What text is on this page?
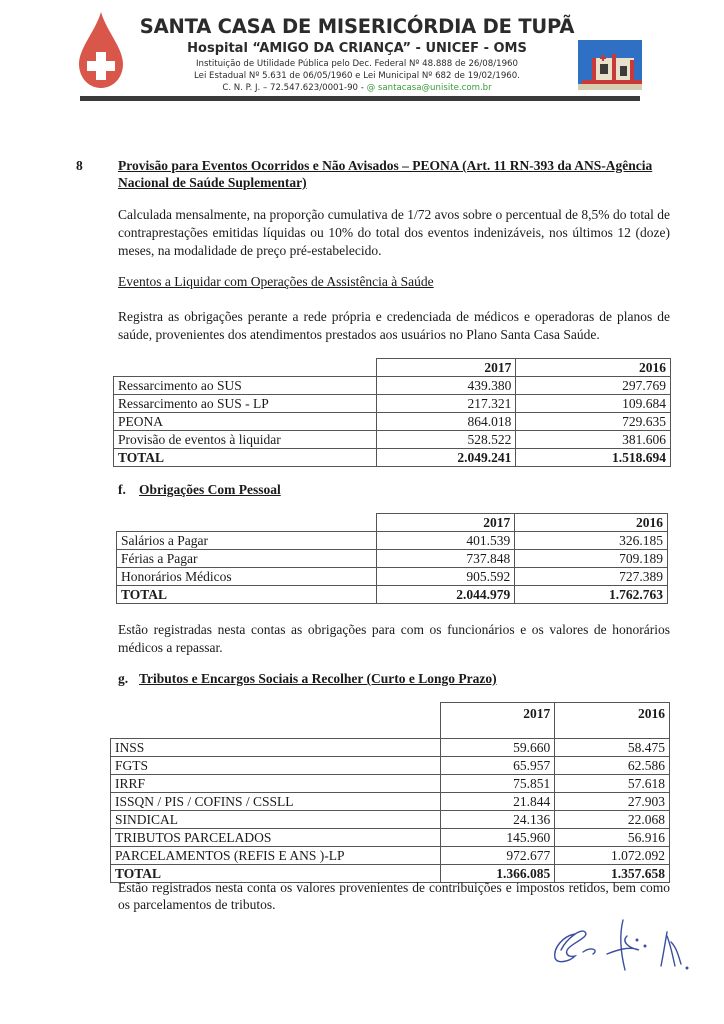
SANTA CASA DE MISERICÓRDIA DE TUPÃ
Hospital “AMIGO DA CRIANÇA” - UNICEF - OMS
Instituição de Utilidade Pública pelo Dec. Federal Nº 48.888 de 26/08/1960
Lei Estadual Nº 5.631 de 06/05/1960 e Lei Municipal Nº 682 de 19/02/1960.
C. N. P. J. – 72.547.623/0001-90 - @ santacasa@unisite.com.br
8	Provisão para Eventos Ocorridos e Não Avisados – PEONA (Art. 11 RN-393 da ANS-Agência Nacional de Saúde Suplementar)
Calculada mensalmente, na proporção cumulativa de 1/72 avos sobre o percentual de 8,5% do total de contraprestações emitidas líquidas ou 10% do total dos eventos indenizáveis, nos últimos 12 (doze) meses, na modalidade de preço pré-estabelecido.
Eventos a Liquidar com Operações de Assistência à Saúde
Registra as obrigações perante a rede própria e credenciada de médicos e operadoras de planos de saúde, provenientes dos atendimentos prestados aos usuários no Plano Santa Casa Saúde.
	2017	2016
Ressarcimento ao SUS	439.380	297.769
Ressarcimento ao SUS - LP	217.321	109.684
PEONA	864.018	729.635
Provisão de eventos à liquidar	528.522	381.606
TOTAL	2.049.241	1.518.694
f. Obrigações Com Pessoal
	2017	2016
Salários a Pagar	401.539	326.185
Férias a Pagar	737.848	709.189
Honorários Médicos	905.592	727.389
TOTAL	2.044.979	1.762.763
Estão registradas nesta contas as obrigações para com os funcionários e os valores de honorários médicos a repassar.
g. Tributos e Encargos Sociais a Recolher (Curto e Longo Prazo)
	2017	2016
INSS	59.660	58.475
FGTS	65.957	62.586
IRRF	75.851	57.618
ISSQN / PIS / COFINS / CSSLL	21.844	27.903
SINDICAL	24.136	22.068
TRIBUTOS PARCELADOS	145.960	56.916
PARCELAMENTOS (REFIS E ANS )-LP	972.677	1.072.092
TOTAL	1.366.085	1.357.658
Estão registrados nesta conta os valores provenientes de contribuições e impostos retidos, bem como os parcelamentos de tributos.
